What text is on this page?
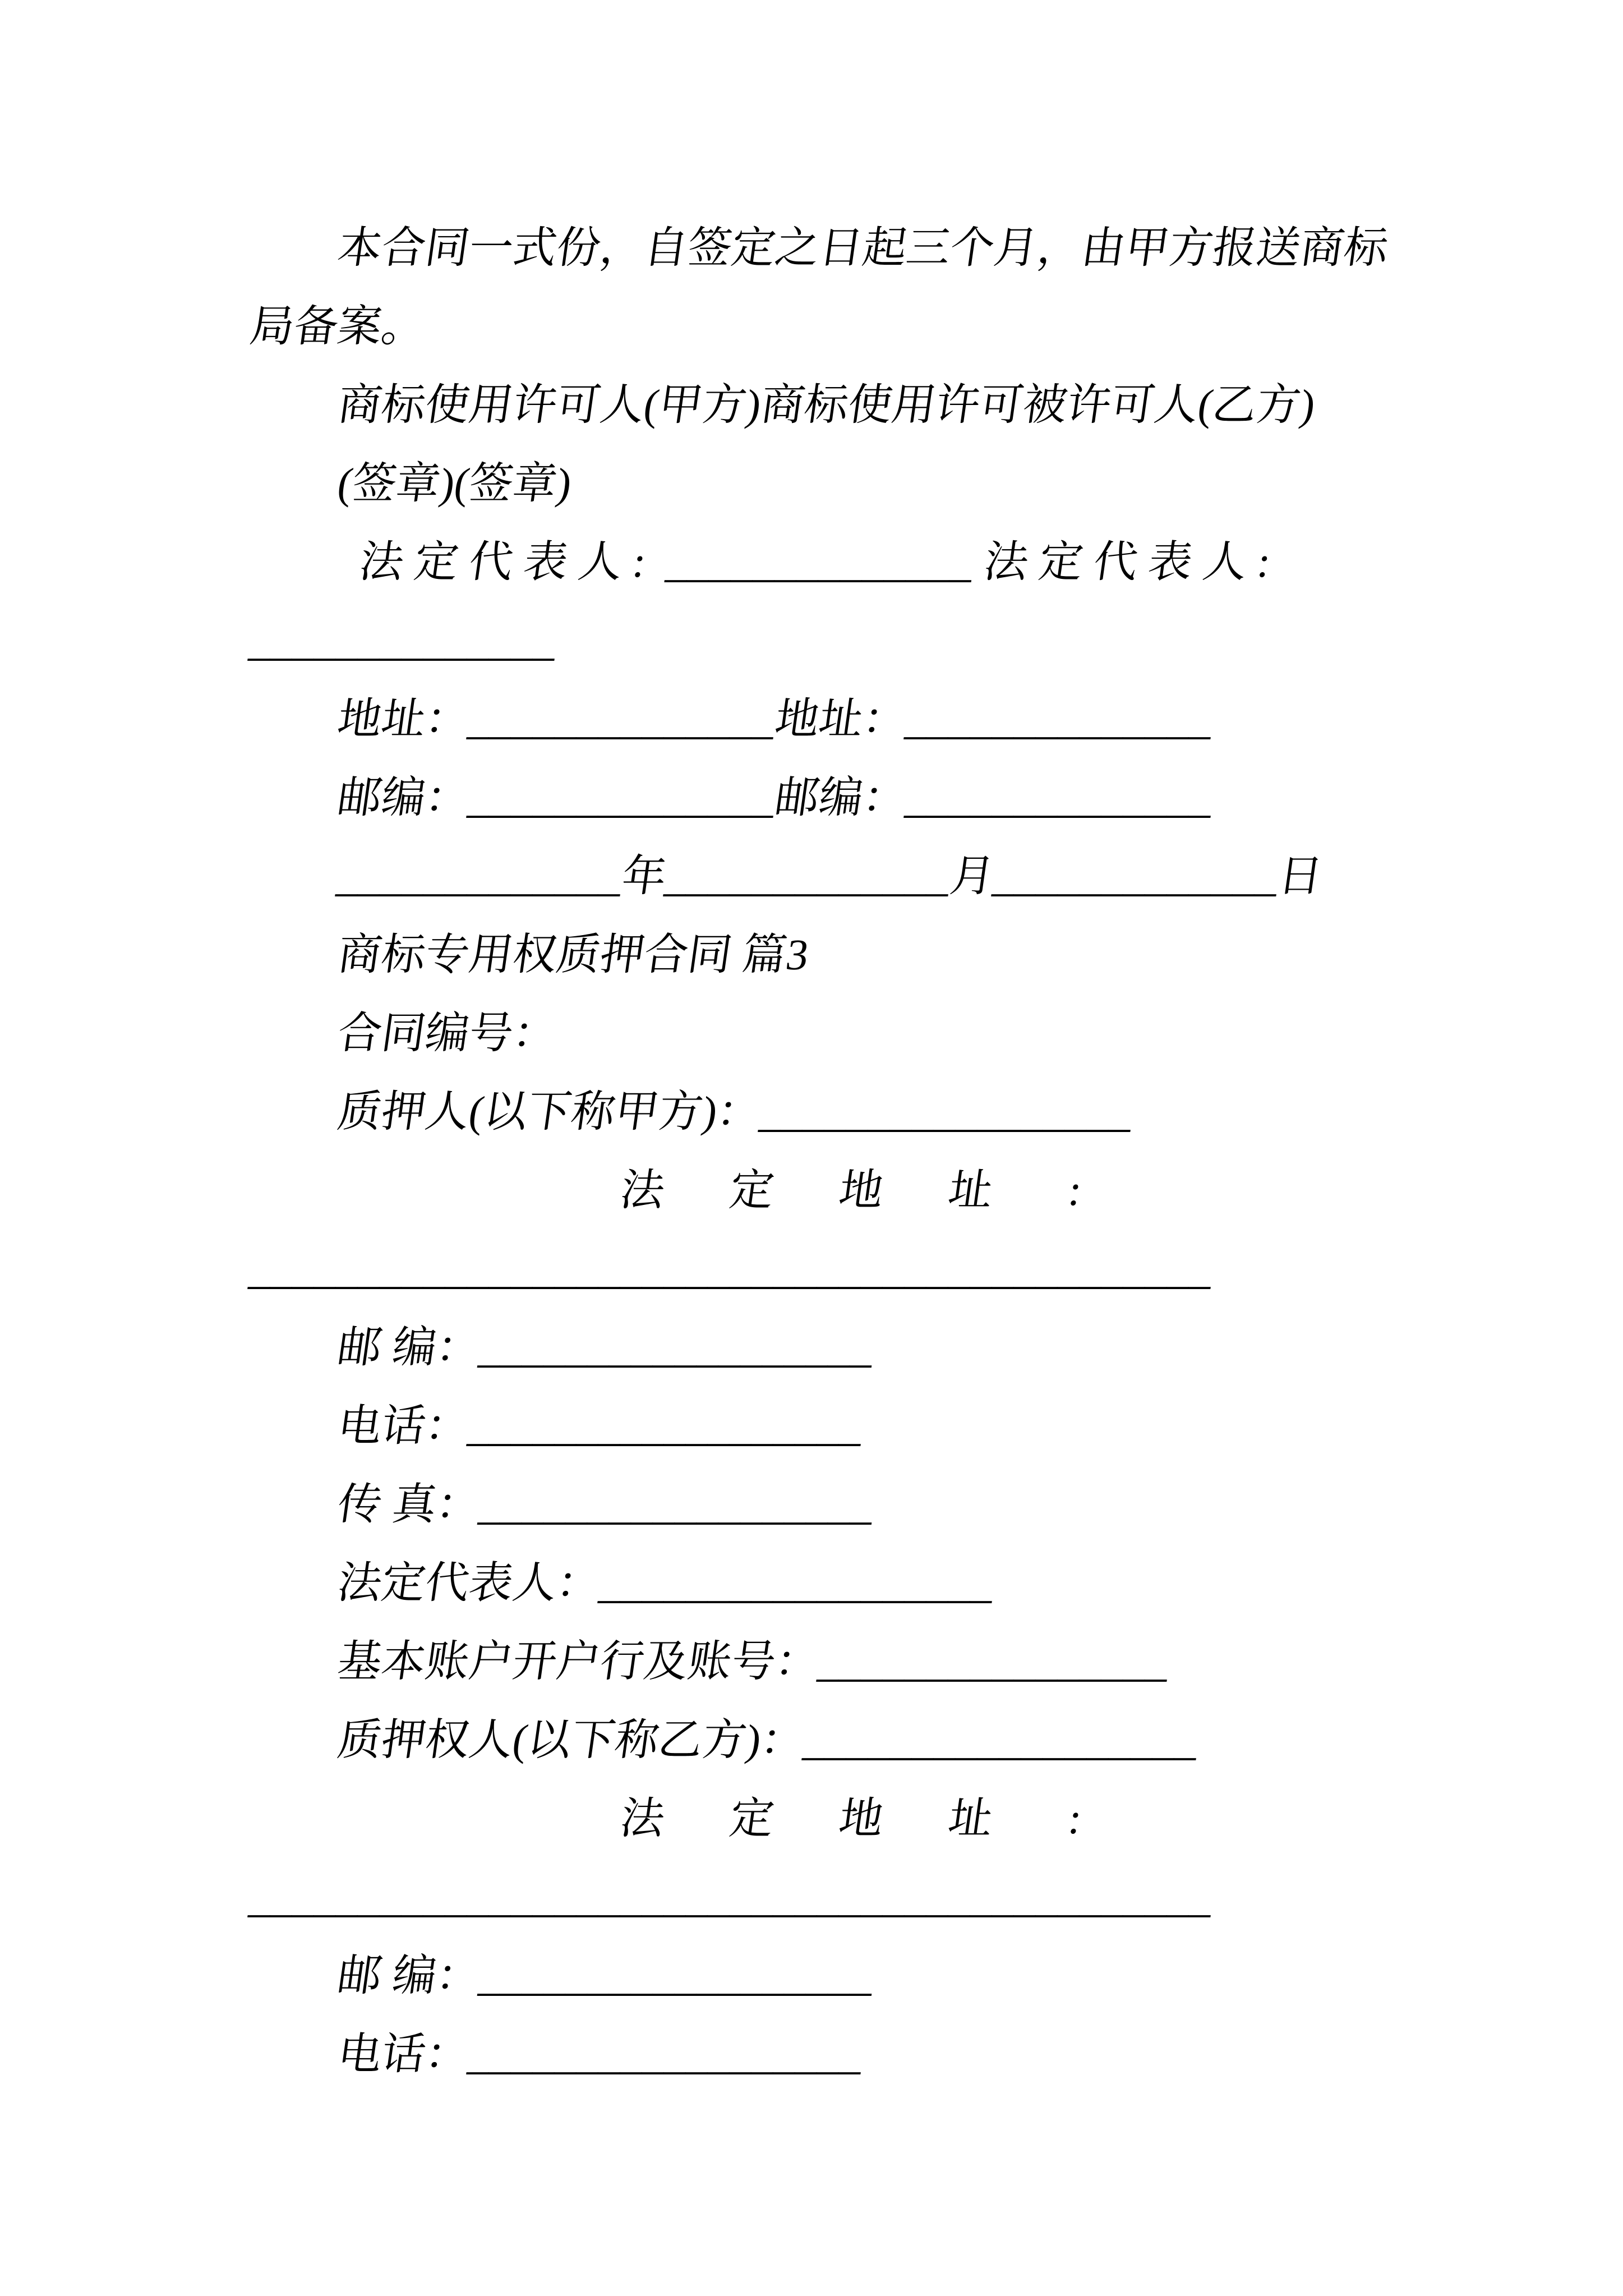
本合同一式份，自签定之日起三个月，由甲方报送商标
局备案。
商标使用许可人(甲方)商标使用许可被许可人(乙方)
(签章)(签章)
法 定 代 表 人 :  ______________ 法 定 代 表 人 :
______________
地址：______________地址：______________
邮编：______________邮编：______________
_____________年_____________月_____________日
商标专用权质押合同 篇3
合同编号：
质押人(以下称甲方)：_________________
法      定      地      址       :
____________________________________________
邮 编：__________________
电话：__________________
传 真：__________________
法定代表人：__________________
基本账户开户行及账号：________________
质押权人(以下称乙方)：__________________
法      定      地      址       :
____________________________________________
邮 编：__________________
电话：__________________
